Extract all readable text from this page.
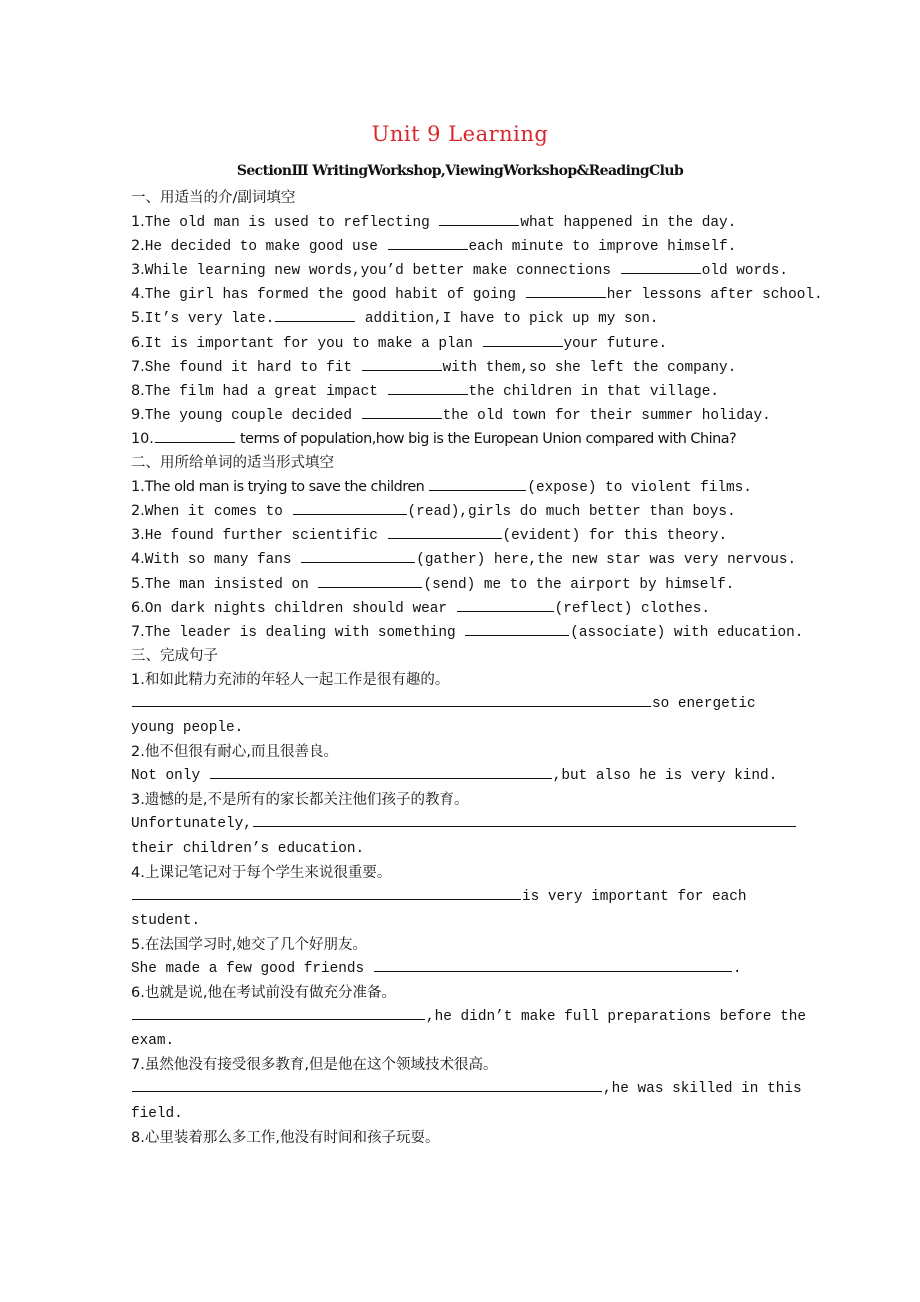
Unit 9 Learning
SectionⅢ WritingWorkshop,ViewingWorkshop&ReadingClub
一、用适当的介/副词填空
1.The old man is used to reflecting	what happened in the day.
2.He decided to make good use	each minute to improve himself.
3.While learning new words,you’d better make connections	old words.
4.The girl has formed the good habit of going	her lessons after school.
5.It’s very late.	addition,I have to pick up my son.
6.It is important for you to make a plan	your future.
7.She found it hard to fit	with them,so she left the company.
8.The film had a great impact	the children in that village.
9.The young couple decided	the old town for their summer holiday.
10.	terms of population,how big is the European Union compared with China?
二、用所给单词的适当形式填空
1.The old man is trying to save the children	(expose) to violent films.
2.When it comes to	(read),girls do much better than boys.
3.He found further scientific	(evident) for this theory.
4.With so many fans	(gather) here,the new star was very nervous.
5.The man insisted on	(send) me to the airport by himself.
6.On dark nights children should wear	(reflect) clothes.
7.The leader is dealing with something	(associate) with education.
三、完成句子
1.和如此精力充沛的年轻人一起工作是很有趣的。
so energetic
young people.
2.他不但很有耐心,而且很善良。
Not only	,but also he is very kind.
3.遗憾的是,不是所有的家长都关注他们孩子的教育。
Unfortunately,
their children’s education.
4.上课记笔记对于每个学生来说很重要。
is very important for each
student.
5.在法国学习时,她交了几个好朋友。
She made a few good friends	.
6.也就是说,他在考试前没有做充分准备。
,he didn’t make full preparations before the
exam.
7.虽然他没有接受很多教育,但是他在这个领域技术很高。
,he was skilled in this
field.
8.心里装着那么多工作,他没有时间和孩子玩耍。
